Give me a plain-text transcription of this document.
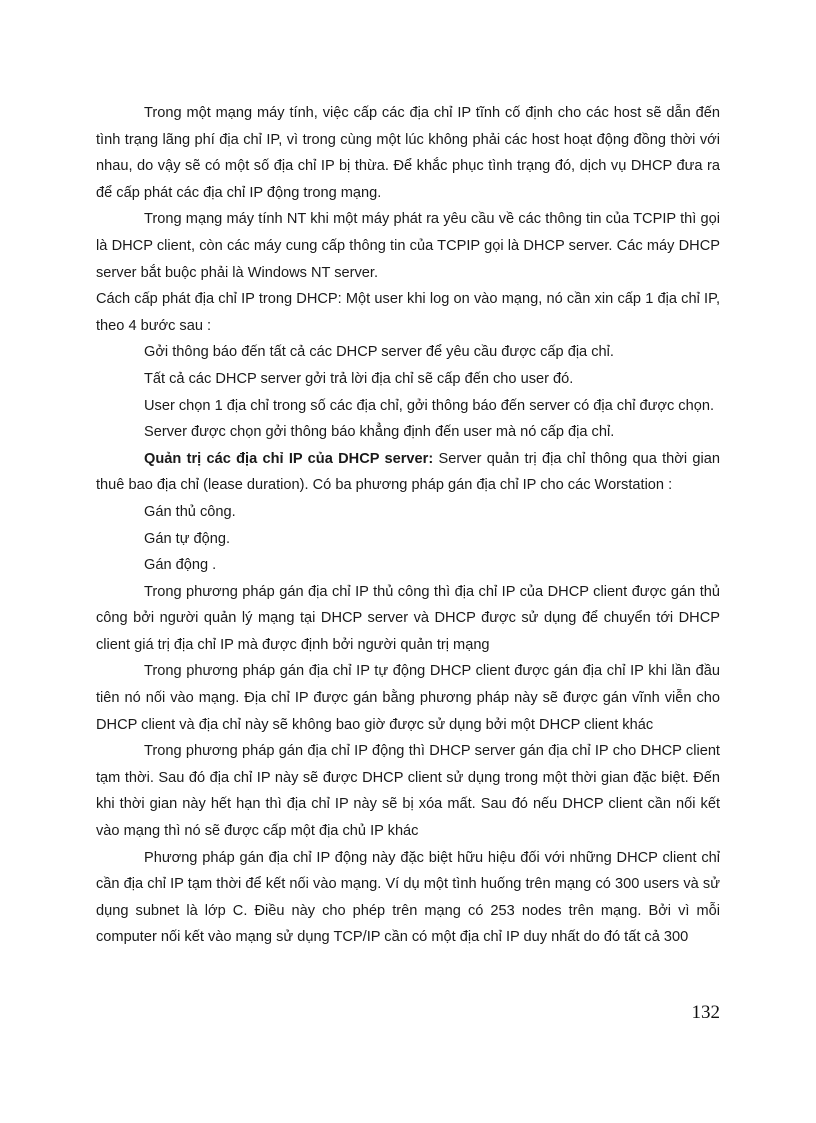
Trong một mạng máy tính, việc cấp các địa chỉ IP tĩnh cố định cho các host sẽ dẫn đến tình trạng lãng phí địa chỉ IP, vì trong cùng một lúc không phải các host hoạt động đồng thời với nhau, do vậy sẽ có một số địa chỉ IP bị thừa. Để khắc phục tình trạng đó, dịch vụ DHCP đưa ra để cấp phát các địa chỉ IP động trong mạng.

Trong mạng máy tính NT khi một máy phát ra yêu cầu về các thông tin của TCPIP thì gọi là DHCP client, còn các máy cung cấp thông tin của TCPIP gọi là DHCP server. Các máy DHCP server bắt buộc phải là Windows NT server.

Cách cấp phát địa chỉ IP trong DHCP: Một user khi log on vào mạng, nó cần xin cấp 1 địa chỉ IP, theo 4 bước sau :

Gởi thông báo đến tất cả các DHCP server để yêu cầu được cấp địa chỉ.

Tất cả các DHCP server gởi trả lời địa chỉ sẽ cấp đến cho user đó.

User chọn 1 địa chỉ trong số các địa chỉ, gởi thông báo đến server có địa chỉ được chọn.

Server được chọn gởi thông báo khẳng định đến user mà nó cấp địa chỉ.

Quản trị các địa chỉ IP của DHCP server: Server quản trị địa chỉ thông qua thời gian thuê bao địa chỉ (lease duration). Có ba phương pháp gán địa chỉ IP cho các Worstation :

Gán thủ công.

Gán tự động.

Gán động .

Trong phương pháp gán địa chỉ IP thủ công thì địa chỉ IP của DHCP client được gán thủ công bởi người quản lý mạng tại DHCP server và DHCP được sử dụng để chuyển tới DHCP client giá trị địa chỉ IP mà được định bởi người quản trị mạng

Trong phương pháp gán địa chỉ IP tự động DHCP client được gán địa chỉ IP khi lần đầu tiên nó nối vào mạng. Địa chỉ IP được gán bằng phương pháp này sẽ được gán vĩnh viễn cho DHCP client và địa chỉ này sẽ không bao giờ được sử dụng bởi một DHCP client khác

Trong phương pháp gán địa chỉ IP động thì DHCP server gán địa chỉ IP cho DHCP client tạm thời. Sau đó địa chỉ IP này sẽ được DHCP client sử dụng trong một thời gian đặc biệt. Đến khi thời gian này hết hạn thì địa chỉ IP này sẽ bị xóa mất. Sau đó nếu DHCP client cần nối kết vào mạng thì nó sẽ được cấp một địa chủ IP khác

Phương pháp gán địa chỉ IP động này đặc biệt hữu hiệu đối với những DHCP client chỉ cần địa chỉ IP tạm thời để kết nối vào mạng. Ví dụ một tình huống trên mạng có 300 users và sử dụng subnet là lớp C. Điều này cho phép trên mạng có 253 nodes trên mạng. Bởi vì mỗi computer nối kết vào mạng sử dụng TCP/IP cần có một địa chỉ IP duy nhất do đó tất cả 300

132
